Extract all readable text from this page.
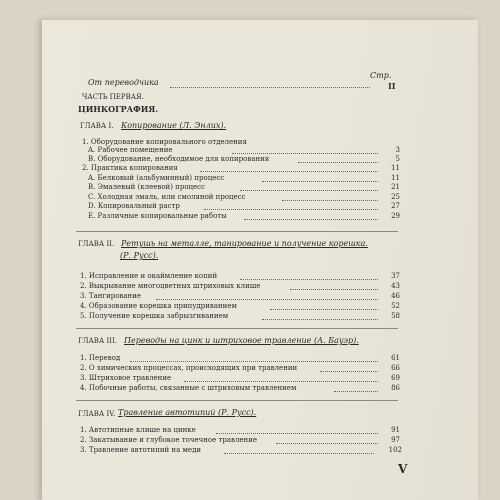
Стр.
От переводчика	II
ЧАСТЬ ПЕРВАЯ.
ЦИНКОГРАФИЯ.
ГЛАВА I. Копирование (Л. Энлих).
1. Оборудование копировального отделения
A. Рабочее помещение	3
B. Оборудование, необходимое для копирования	5
2. Практика копирования	11
A. Белковый (альбуминный) процесс	11
B. Эмалевый (клеевой) процесс	21
C. Холодная эмаль, или смоляной процесс	25
D. Копировальный растр	27
E. Различные копировальные работы	29
ГЛАВА II. Ретушь на металле, танирование и получение корешка.
(Р. Русс).
1. Исправление и окаймление копий	37
2. Выкрывание многоцветных штриховых клише	43
3. Тангирование	46
4. Образование корешка припудриванием	52
5. Получение корешка забрызгиванием	58
ГЛАВА III. Переводы на цинк и штриховое травление (А. Бауэр).
1. Перевод	61
2. О химических процессах, происходящих при травлении	66
3. Штриховое травление	69
4. Побочные работы, связанные с штриховым травлением	86
ГЛАВА IV. Травление автотипий (Р. Русс).
1. Автотипные клише на цинке	91
2. Закатывание и глубокое точечное травление	97
3. Травление автотипий на меди	102
V
